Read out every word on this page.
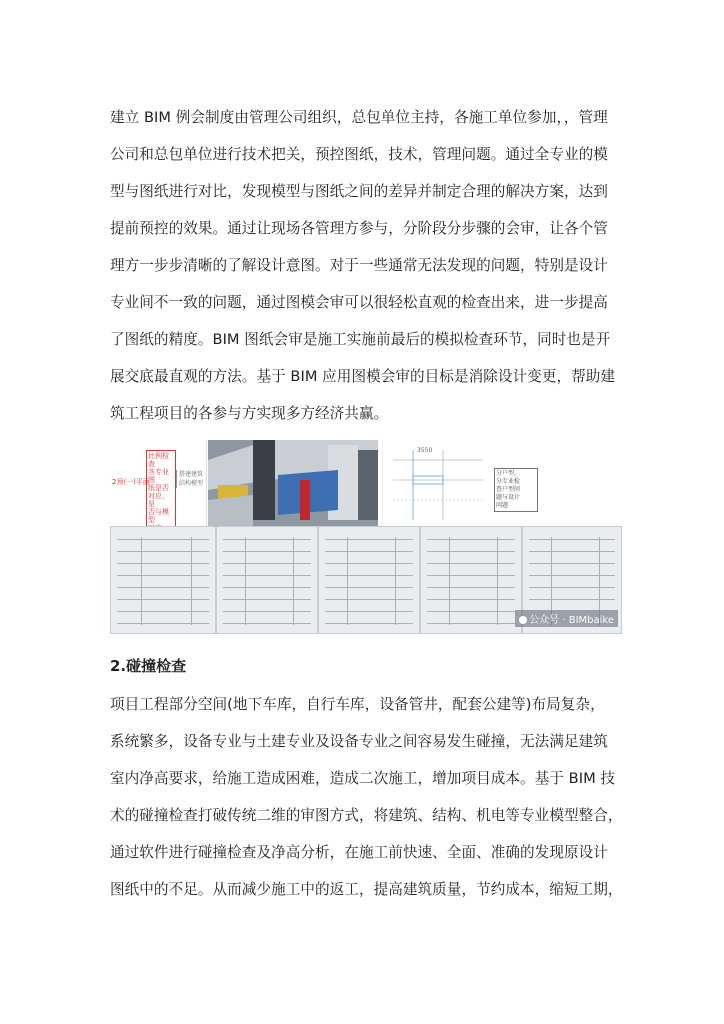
建立 BIM 例会制度由管理公司组织，总包单位主持，各施工单位参加，，管理
公司和总包单位进行技术把关，预控图纸，技术，管理问题。通过全专业的模
型与图纸进行对比，发现模型与图纸之间的差异并制定合理的解决方案，达到
提前预控的效果。通过让现场各管理方参与，分阶段分步骤的会审，让各个管
理方一步步清晰的了解设计意图。对于一些通常无法发现的问题，特别是设计
专业间不一致的问题，通过图模会审可以很轻松直观的检查出来，进一步提高
了图纸的精度。BIM 图纸会审是施工实施前最后的模拟检查环节，同时也是开
展交底最直观的方法。基于 BIM 应用图模会审的目标是消除设计变更，帮助建
筑工程项目的各参与方实现多方经济共赢。
2预(一)平面
比例检查
各专业图
纸是否
对应，是
否与模型
搭建建筑
结构模型
3550
分户型，
分专业检
查户型问
题与设计
问题
公众号 · BIMbaike
2.碰撞检查
项目工程部分空间(地下车库，自行车库，设备管井，配套公建等)布局复杂，
系统繁多，设备专业与土建专业及设备专业之间容易发生碰撞，无法满足建筑
室内净高要求，给施工造成困难，造成二次施工，增加项目成本。基于 BIM 技
术的碰撞检查打破传统二维的审图方式，将建筑、结构、机电等专业模型整合，
通过软件进行碰撞检查及净高分析，在施工前快速、全面、准确的发现原设计
图纸中的不足。从而减少施工中的返工，提高建筑质量，节约成本，缩短工期，
